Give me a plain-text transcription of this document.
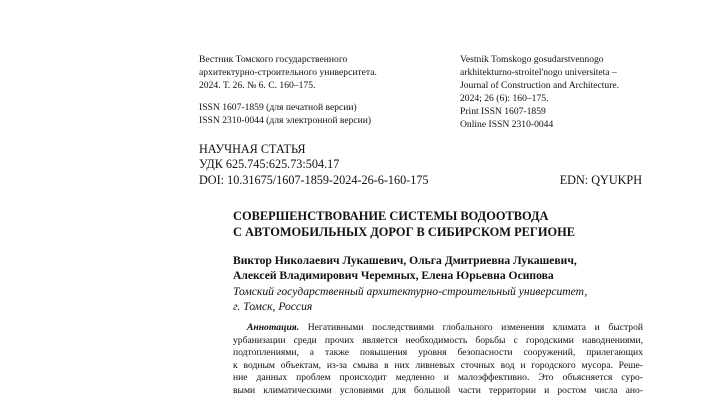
Вестник Томского государственного
архитектурно-строительного университета.
2024. Т. 26. № 6. С. 160–175.
ISSN 1607-1859 (для печатной версии)
ISSN 2310-0044 (для электронной версии)
Vestnik Tomskogo gosudarstvennogo
arkhitekturno-stroitel'nogo universiteta –
Journal of Construction and Architecture.
2024; 26 (6): 160–175.
Print ISSN 1607-1859
Online ISSN 2310-0044
НАУЧНАЯ СТАТЬЯ
УДК 625.745:625.73:504.17
DOI: 10.31675/1607-1859-2024-26-6-160-175	EDN: QYUKPH
СОВЕРШЕНСТВОВАНИЕ СИСТЕМЫ ВОДООТВОДА
С АВТОМОБИЛЬНЫХ ДОРОГ В СИБИРСКОМ РЕГИОНЕ
Виктор Николаевич Лукашевич, Ольга Дмитриевна Лукашевич,
Алексей Владимирович Черемных, Елена Юрьевна Осипова
Томский государственный архитектурно-строительный университет,
г. Томск, Россия
Аннотация. Негативными последствиями глобального изменения климата и быстрой
урбанизации среди прочих является необходимость борьбы с городскими наводнениями,
подтоплениями, а также повышения уровня безопасности сооружений, прилегающих
к водным объектам, из-за смыва в них ливневых сточных вод и городского мусора. Реше-
ние данных проблем происходит медленно и малоэффективно. Это объясняется суро-
выми климатическими условиями для большой части территории и ростом числа ано-
